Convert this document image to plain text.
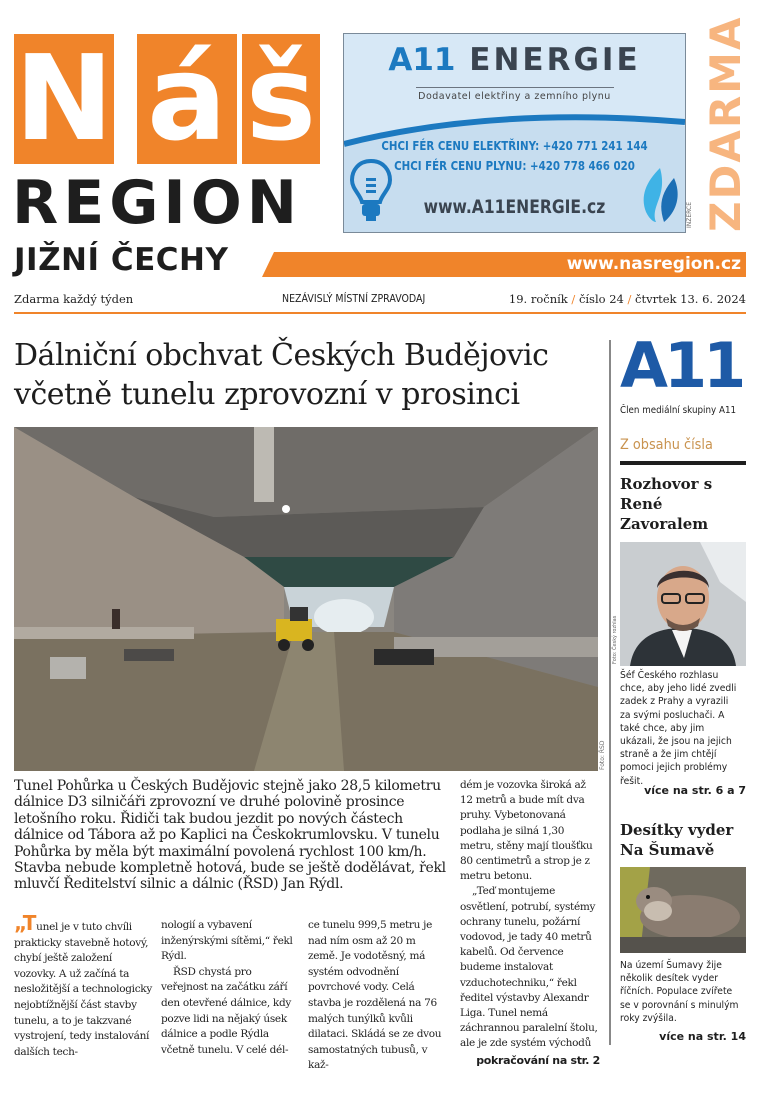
N á š
REGION
JIŽNÍ ČECHY	www.nasregion.cz
A11 ENERGIE
Dodavatel elektřiny a zemního plynu
CHCI FÉR CENU ELEKTŘINY: +420 771 241 144
CHCI FÉR CENU PLYNU: +420 778 466 020
www.A11ENERGIE.cz	INZERCE ZDARMA
Zdarma každý týden	NEZÁVISLÝ MÍSTNÍ ZPRAVODAJ	19. ročník / číslo 24 / čtvrtek 13. 6. 2024
Dálniční obchvat Českých Budějovic včetně tunelu zprovozní v prosinci
Foto: ŘSD
Tunel Pohůrka u Českých Budějovic stejně jako 28,5 kilometru dálnice D3 silničáři zprovozní ve druhé polovině prosince letošního roku. Řidiči tak budou jezdit po nových částech dálnice od Tábora až po Kaplici na Českokrumlovsku. V tunelu Pohůrka by měla být maximální povolená rychlost 100 km/h. Stavba nebude kompletně hotová, bude se ještě dodělávat, řekl mluvčí Ředitelství silnic a dálnic (ŘSD) Jan Rýdl.

„Tunel je v tuto chvíli prakticky stavebně hotový, chybí ještě založení vozovky. A už začíná ta nesložitější a technologicky nejobtížnější část stavby tunelu, a to je takzvané vystrojení, tedy instalování dalších tech-

nologií a vybavení inženýrskými sítěmi,“ řekl Rýdl.

ŘSD chystá pro veřejnost na začátku září den otevřené dálnice, kdy pozve lidi na nějaký úsek dálnice a podle Rýdla včetně tunelu. V celé dél-

ce tunelu 999,5 metru je nad ním osm až 20 m země. Je vodotěsný, má systém odvodnění povrchové vody. Celá stavba je rozdělená na 76 malých tunýlků kvůli dilataci. Skládá se ze dvou samostatných tubusů, v kaž-

dém je vozovka široká až 12 metrů a bude mít dva pruhy. Vybetonovaná podlaha je silná 1,30 metru, stěny mají tloušťku 80 centimetrů a strop je z metru betonu.

„Teď montujeme osvětlení, potrubí, systémy ochrany tunelu, požární vodovod, je tady 40 metrů kabelů. Od července budeme instalovat vzduchotechniku,“ řekl ředitel výstavby Alexandr Liga. Tunel nemá záchrannou paralelní štolu, ale je zde systém východů

pokračování na str. 2
A11
Člen mediální skupiny A11
Z obsahu čísla
Rozhovor s René Zavoralem
Foto: Český rozhlas
Šéf Českého rozhlasu chce, aby jeho lidé zvedli zadek z Prahy a vyrazili za svými posluchači. A také chce, aby jim ukázali, že jsou na jejich straně a že jim chtějí pomoci jejich problémy řešit.
více na str. 6 a 7
Desítky vyder Na Šumavě
Na území Šumavy žije několik desítek vyder říčních. Populace zvířete se v porovnání s minulým roky zvýšila.
více na str. 14
